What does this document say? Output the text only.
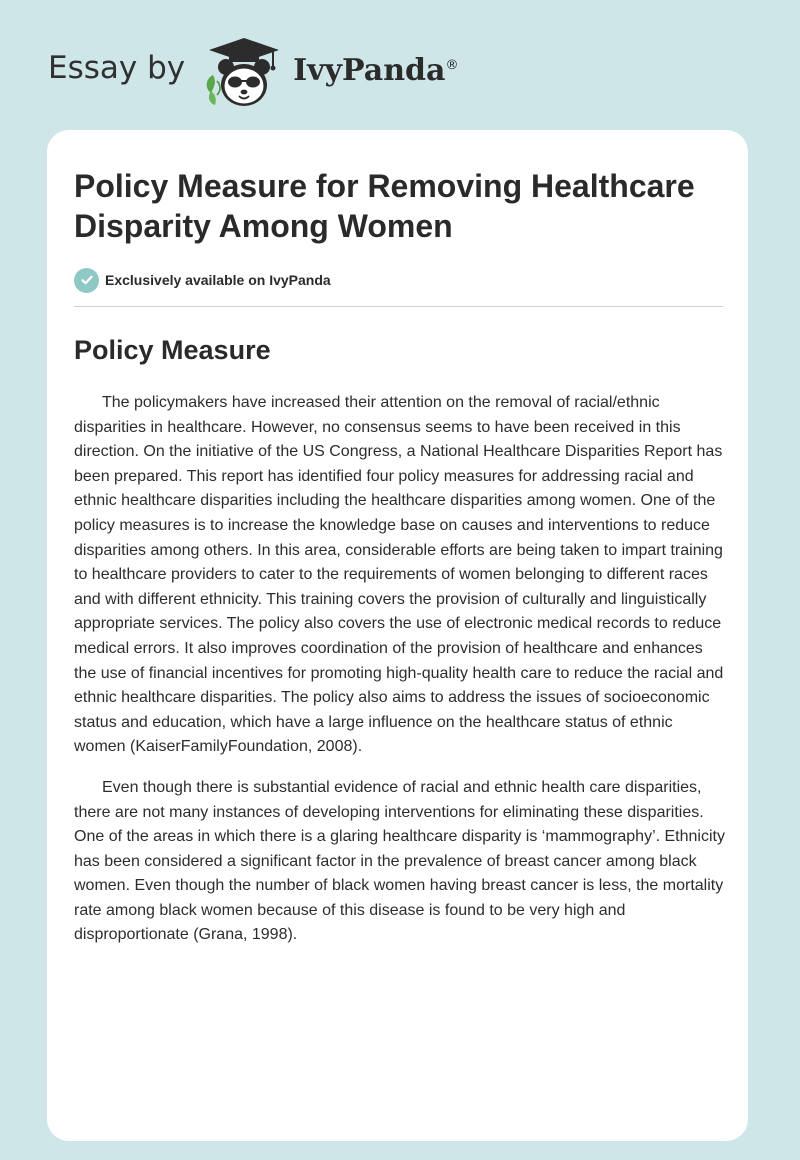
Essay by	IvyPanda®
Policy Measure for Removing Healthcare Disparity Among Women
Exclusively available on IvyPanda
Policy Measure

The policymakers have increased their attention on the removal of racial/ethnic disparities in healthcare. However, no consensus seems to have been received in this direction. On the initiative of the US Congress, a National Healthcare Disparities Report has been prepared. This report has identified four policy measures for addressing racial and ethnic healthcare disparities including the healthcare disparities among women. One of the policy measures is to increase the knowledge base on causes and interventions to reduce disparities among others. In this area, considerable efforts are being taken to impart training to healthcare providers to cater to the requirements of women belonging to different races and with different ethnicity. This training covers the provision of culturally and linguistically appropriate services. The policy also covers the use of electronic medical records to reduce medical errors. It also improves coordination of the provision of healthcare and enhances the use of financial incentives for promoting high-quality health care to reduce the racial and ethnic healthcare disparities. The policy also aims to address the issues of socioeconomic status and education, which have a large influence on the healthcare status of ethnic women (KaiserFamilyFoundation, 2008).

Even though there is substantial evidence of racial and ethnic health care disparities, there are not many instances of developing interventions for eliminating these disparities. One of the areas in which there is a glaring healthcare disparity is ‘mammography’. Ethnicity has been considered a significant factor in the prevalence of breast cancer among black women. Even though the number of black women having breast cancer is less, the mortality rate among black women because of this disease is found to be very high and disproportionate (Grana, 1998).
